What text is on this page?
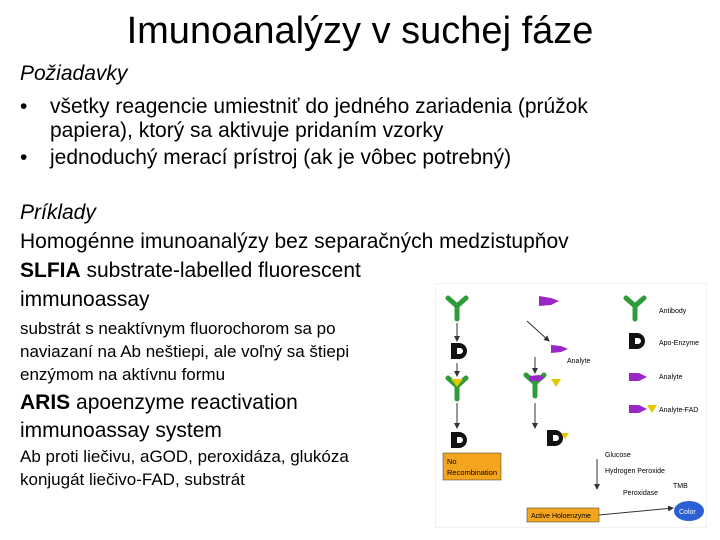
Imunoanalýzy v suchej fáze
Požiadavky
• všetky reagencie umiestniť do jedného zariadenia (prúžok
papiera), ktorý sa aktivuje pridaním vzorky
• jednoduchý merací prístroj (ak je vôbec potrebný)
Príklady
Homogénne imunoanalýzy bez separačných medzistupňov
SLFIA substrate-labelled fluorescent
immunoassay
substrát s neaktívnym fluorochorom sa po
naviazaní na Ab neštiepi, ale voľný sa štiepi
enzýmom na aktívnu formu
ARIS apoenzyme reactivation
immunoassay system
Ab proti liečivu, aGOD, peroxidáza, glukóza
konjugát liečivo-FAD, substrát
No
Recombination
Analyte
Glucose
Hydrogen Peroxide
Peroxidase
TMB
Active Holoenzyme
Color
Antibody
Apo-Enzyme
Analyte
Analyte-FAD
